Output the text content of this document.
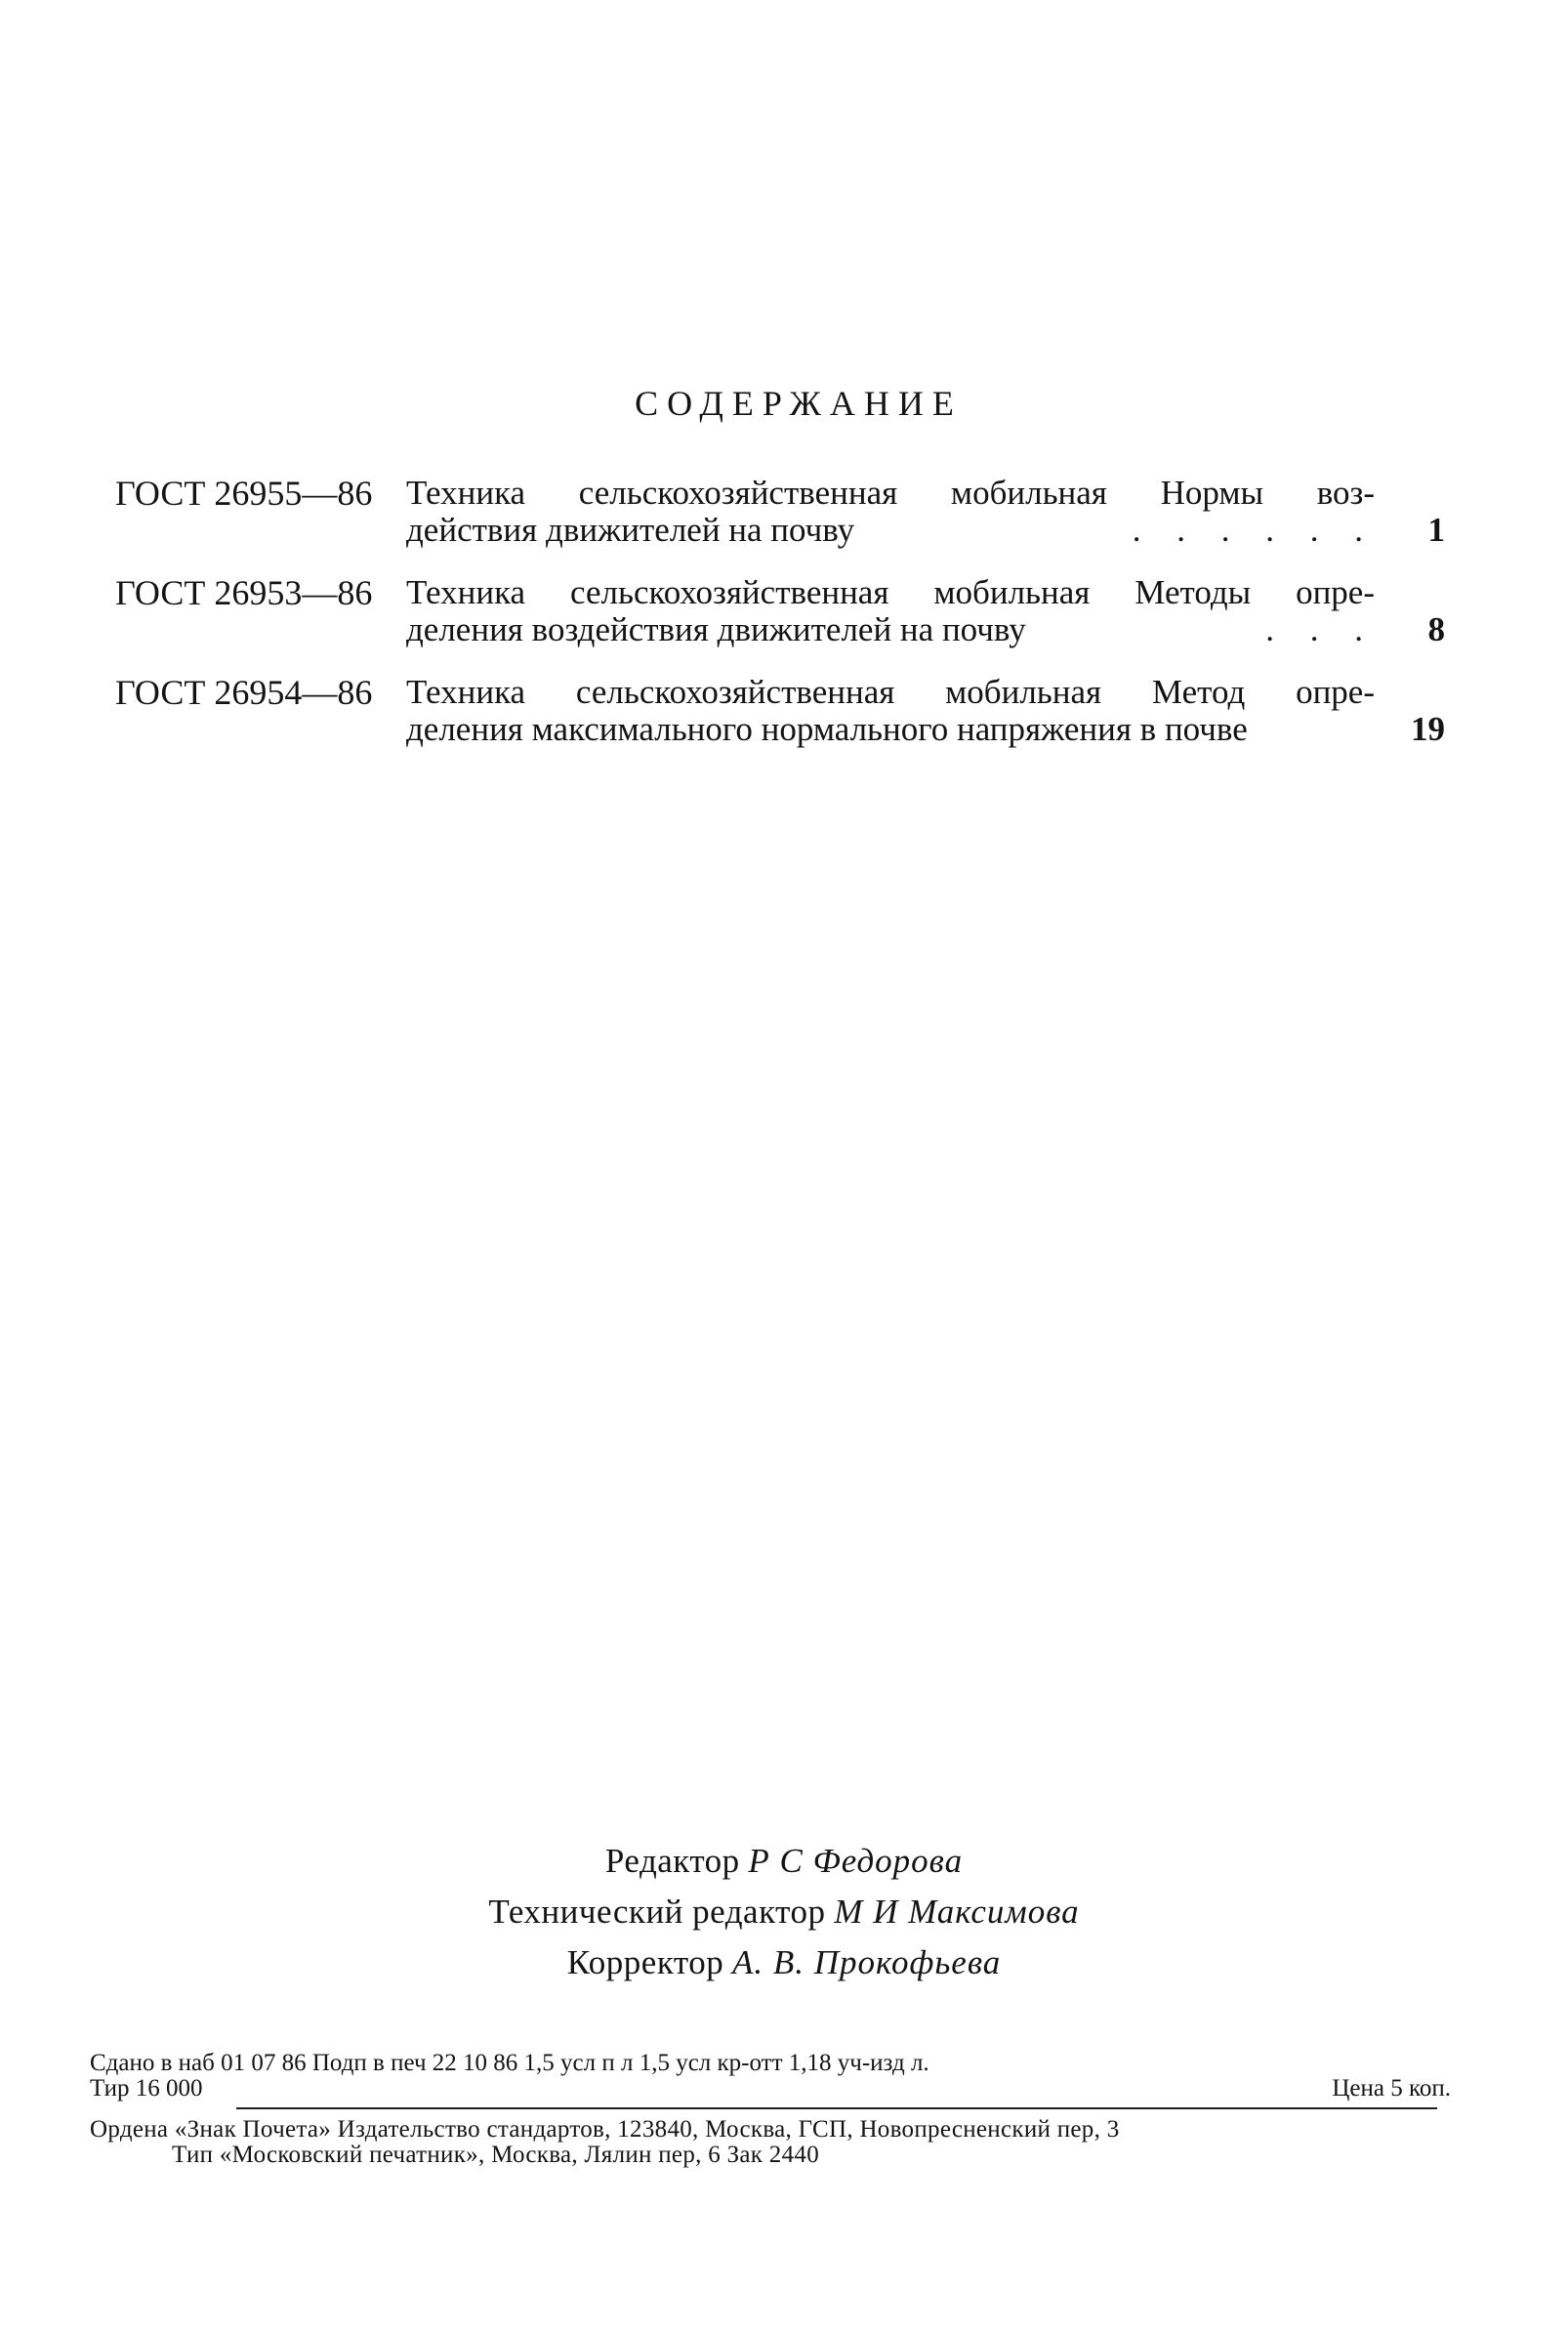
СОДЕРЖАНИЕ
ГОСТ 26955—86 Техника сельскохозяйственная мобильная Нормы воз-
действия движителей на почву	. . . . . .	1
ГОСТ 26953—86 Техника сельскохозяйственная мобильная Методы опре-
деления воздействия движителей на почву	. . .	8
ГОСТ 26954—86 Техника сельскохозяйственная мобильная Метод опре-
деления максимального нормального напряжения в почве	19
Редактор Р С Федорова
Технический редактор М И Максимова
Корректор А. В. Прокофьева
Сдано в наб 01 07 86 Подп в печ 22 10 86 1,5 усл п л 1,5 усл кр-отт 1,18 уч-изд л.
Тир 16 000	Цена 5 коп.
Ордена «Знак Почета» Издательство стандартов, 123840, Москва, ГСП, Новопресненский пер, 3
Тип «Московский печатник», Москва, Лялин пер, 6 Зак 2440
